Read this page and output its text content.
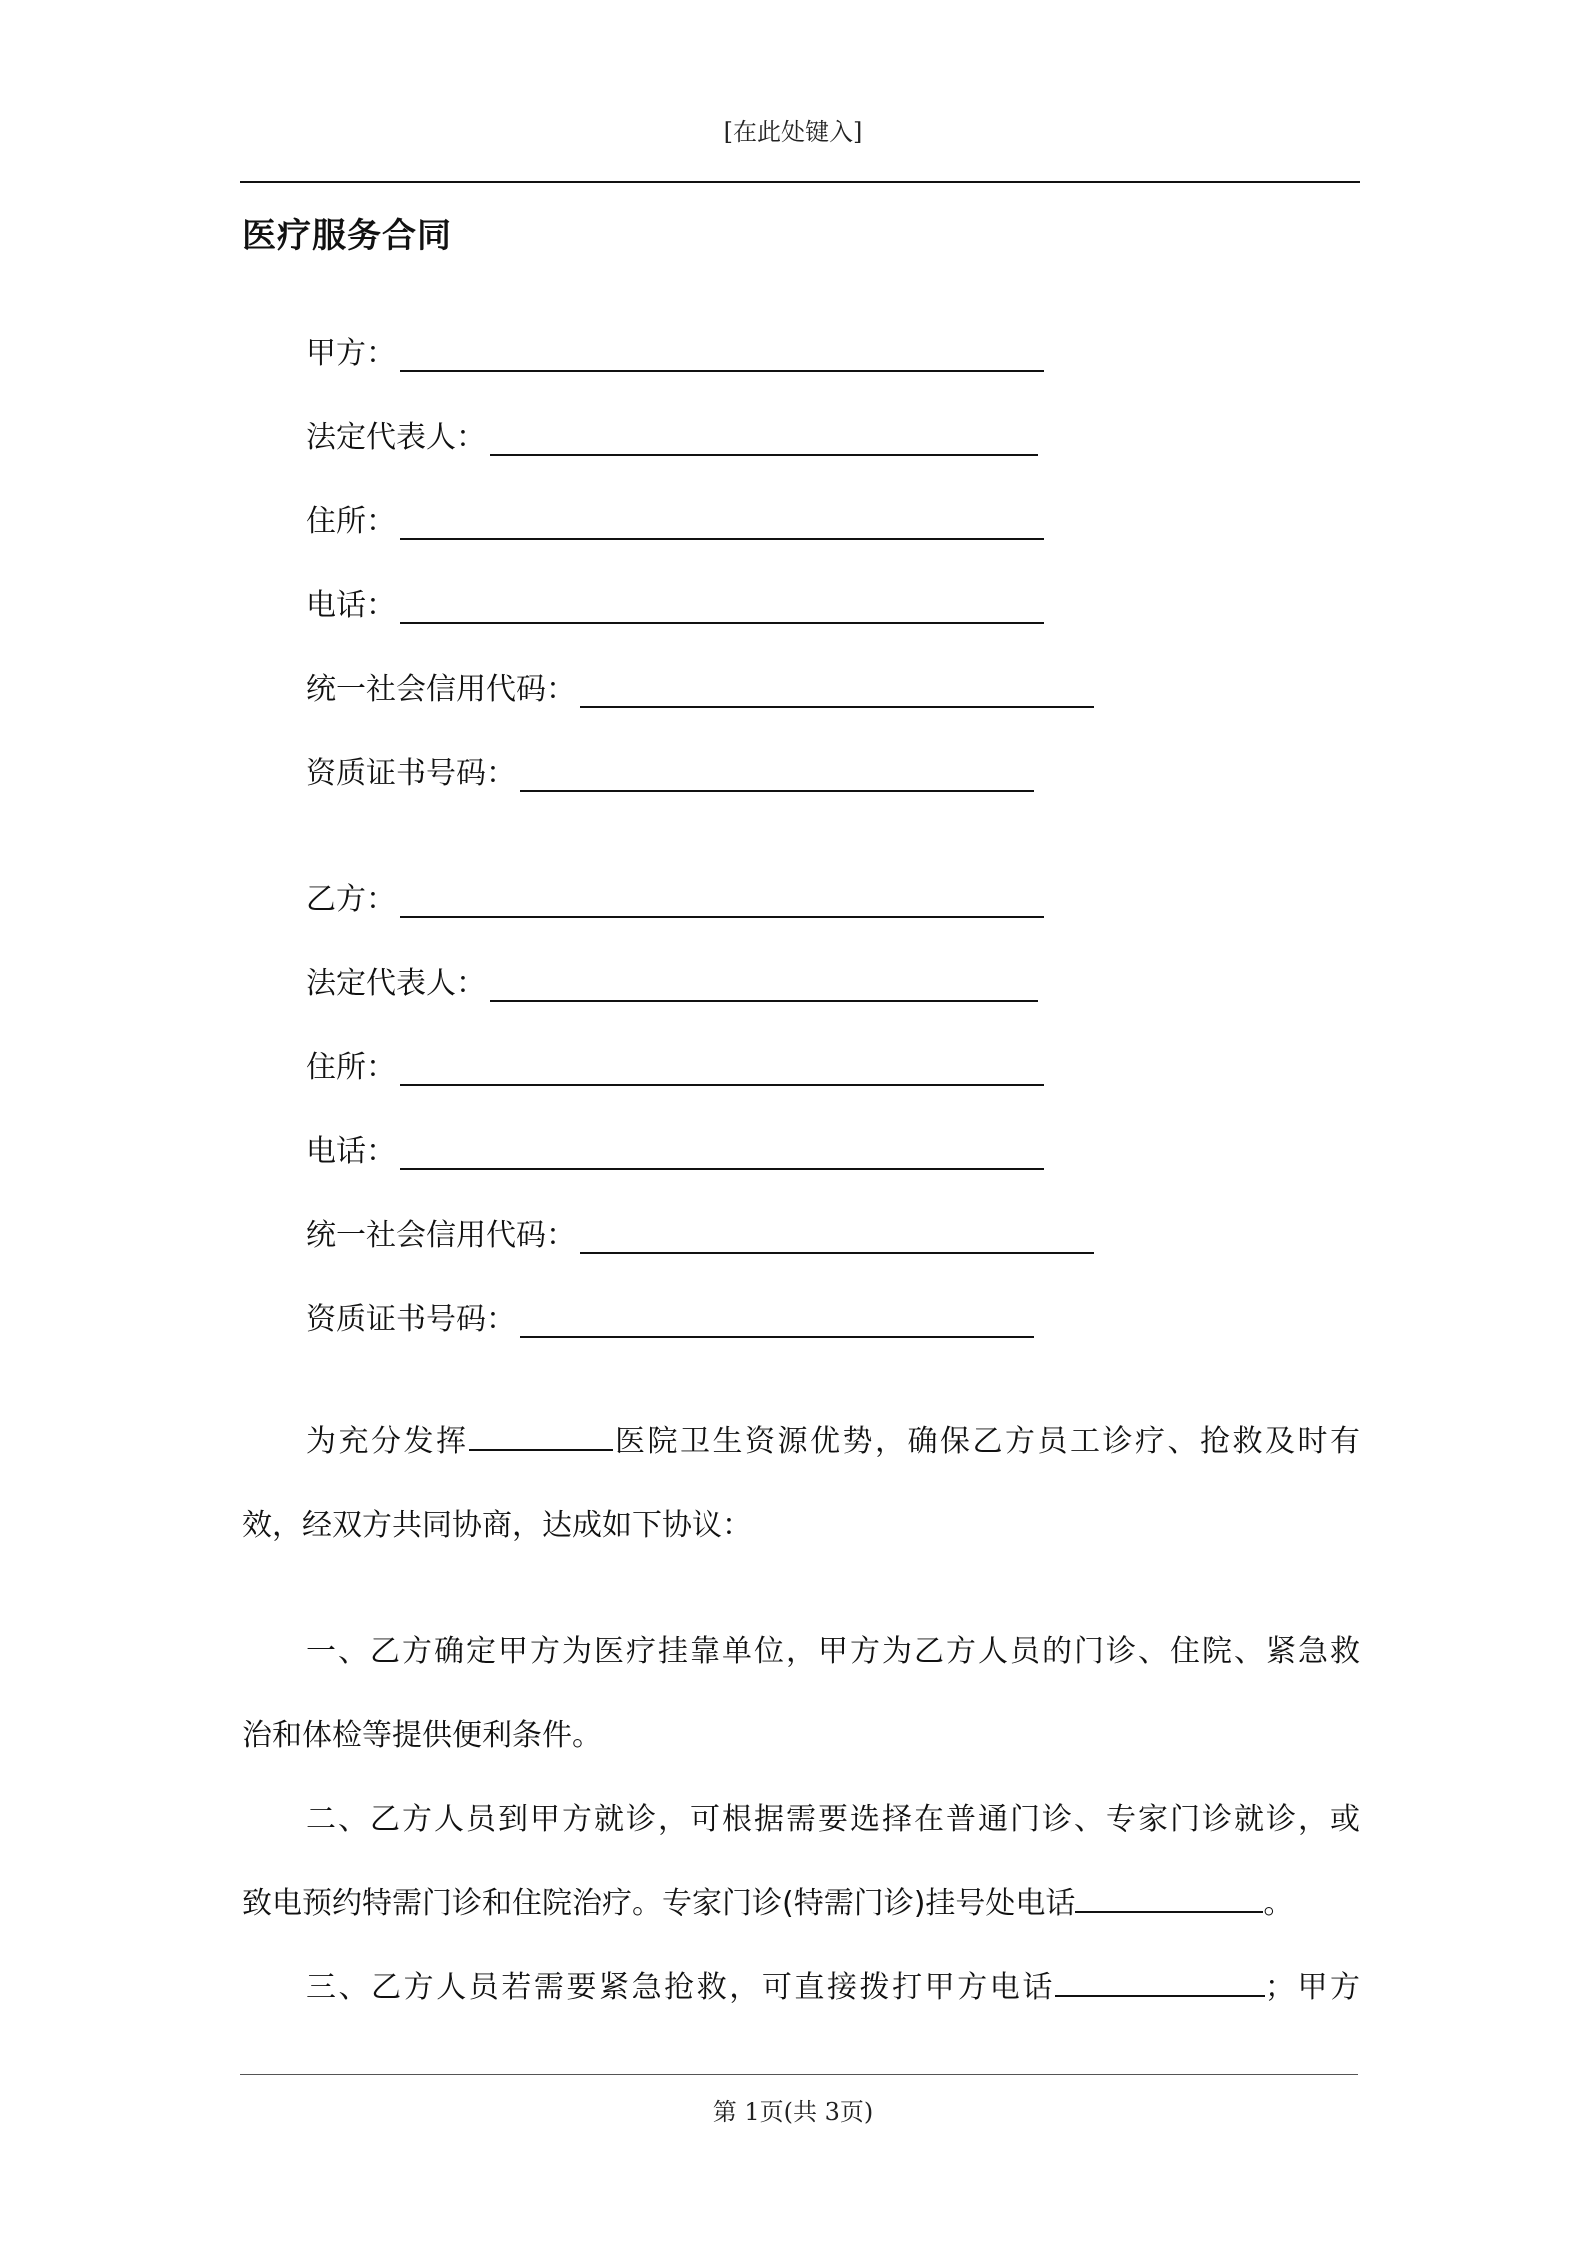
[在此处键入]
医疗服务合同
甲方：
法定代表人：
住所：
电话：
统一社会信用代码：
资质证书号码：
乙方：
法定代表人：
住所：
电话：
统一社会信用代码：
资质证书号码：
为充分发挥	医院卫生资源优势，确保乙方员工诊疗、抢救及时有
效，经双方共同协商，达成如下协议：
一、乙方确定甲方为医疗挂靠单位，甲方为乙方人员的门诊、住院、紧急救
治和体检等提供便利条件。
二、乙方人员到甲方就诊，可根据需要选择在普通门诊、专家门诊就诊，或
致电预约特需门诊和住院治疗。专家门诊(特需门诊)挂号处电话	。
三、乙方人员若需要紧急抢救，可直接拨打甲方电话	；甲方
第 1页(共 3页)
